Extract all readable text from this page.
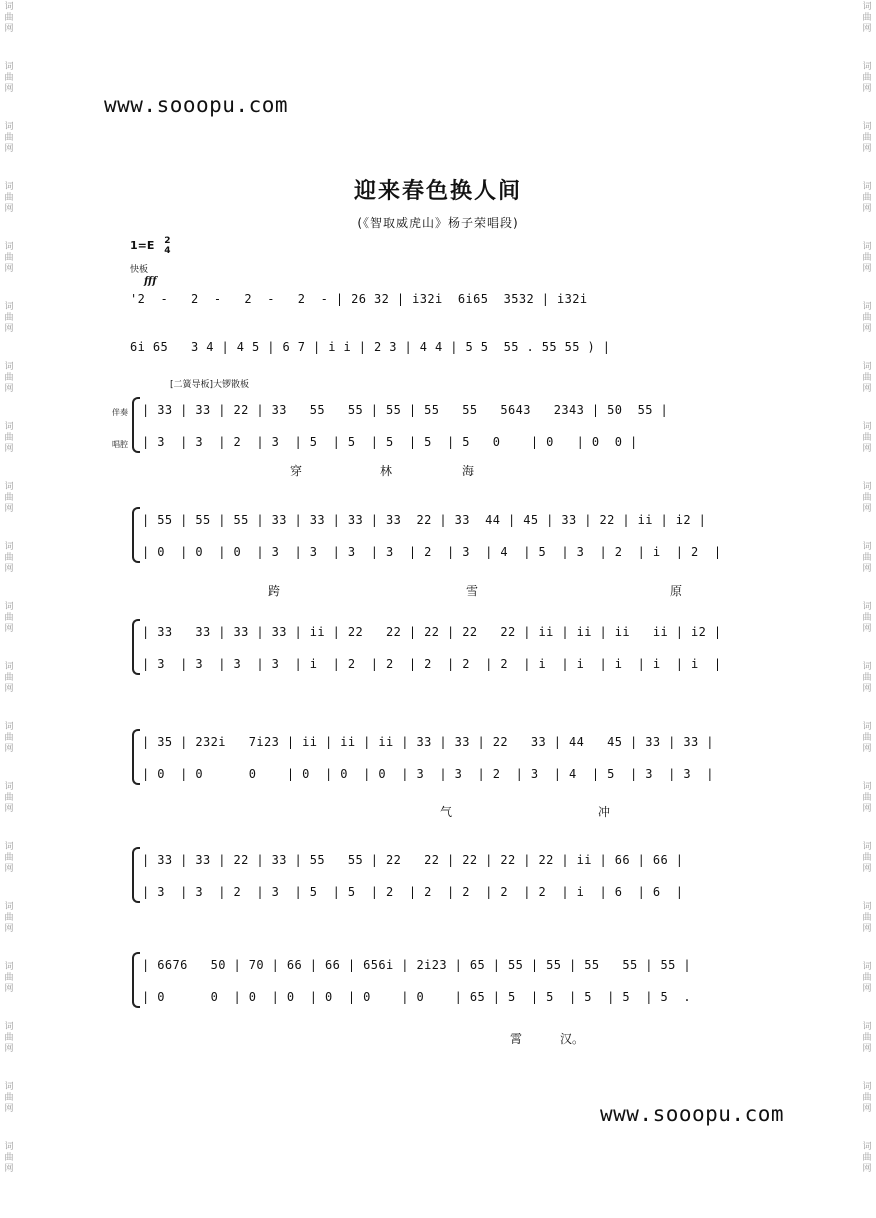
词
曲
网
词
曲
网
词
曲
网
词
曲
网
词
曲
网
词
曲
网
词
曲
网
词
曲
网
词
曲
网
词
曲
网
词
曲
网
词
曲
网
词
曲
网
词
曲
网
词
曲
网
词
曲
网
词
曲
网
词
曲
网
词
曲
网
词
曲
网
词
曲
网
词
曲
网
词
曲
网
词
曲
网
词
曲
网
词
曲
网
词
曲
网
词
曲
网
词
曲
网
词
曲
网
词
曲
网
词
曲
网
词
曲
网
词
曲
网
词
曲
网
词
曲
网
词
曲
网
词
曲
网
词
曲
网
词
曲
网
www.sooopu.com
迎来春色换人间
(《智取威虎山》杨子荣唱段)
1=E 2
4
快板
fff
'2  -   2  -   2  -   2  - | 26 32 | i32i  6i65  3532 | i32i
6i 65   3 4 | 4 5 | 6 7 | i i | 2 3 | 4 4 | 5 5  55 . 55 55 ) |
[二簧导板]大锣散板
| 33 | 33 | 22 | 33   55   55 | 55 | 55   55   5643   2343 | 50  55 |
| 3  | 3  | 2  | 3  | 5  | 5  | 5  | 5  | 5   0    | 0   | 0  0 |
伴奏
唱腔
| 55 | 55 | 55 | 33 | 33 | 33 | 33  22 | 33  44 | 45 | 33 | 22 | ii | i2 |
| 0  | 0  | 0  | 3  | 3  | 3  | 3  | 2  | 3  | 4  | 5  | 3  | 2  | i  | 2  |
| 33   33 | 33 | 33 | ii | 22   22 | 22 | 22   22 | ii | ii | ii   ii | i2 |
| 3  | 3  | 3  | 3  | i  | 2  | 2  | 2  | 2  | 2  | i  | i  | i  | i  | i  |
| 35 | 232i   7i23 | ii | ii | ii | 33 | 33 | 22   33 | 44   45 | 33 | 33 |
| 0  | 0      0    | 0  | 0  | 0  | 3  | 3  | 2  | 3  | 4  | 5  | 3  | 3  |
| 33 | 33 | 22 | 33 | 55   55 | 22   22 | 22 | 22 | 22 | ii | 66 | 66 |
| 3  | 3  | 2  | 3  | 5  | 5  | 2  | 2  | 2  | 2  | 2  | i  | 6  | 6  |
| 6676   50 | 70 | 66 | 66 | 656i | 2i23 | 65 | 55 | 55 | 55   55 | 55 |
| 0      0  | 0  | 0  | 0  | 0    | 0    | 65 | 5  | 5  | 5  | 5  | 5  .
www.sooopu.com
穿	林	海
跨	雪	原
气	冲
霄	汉。
